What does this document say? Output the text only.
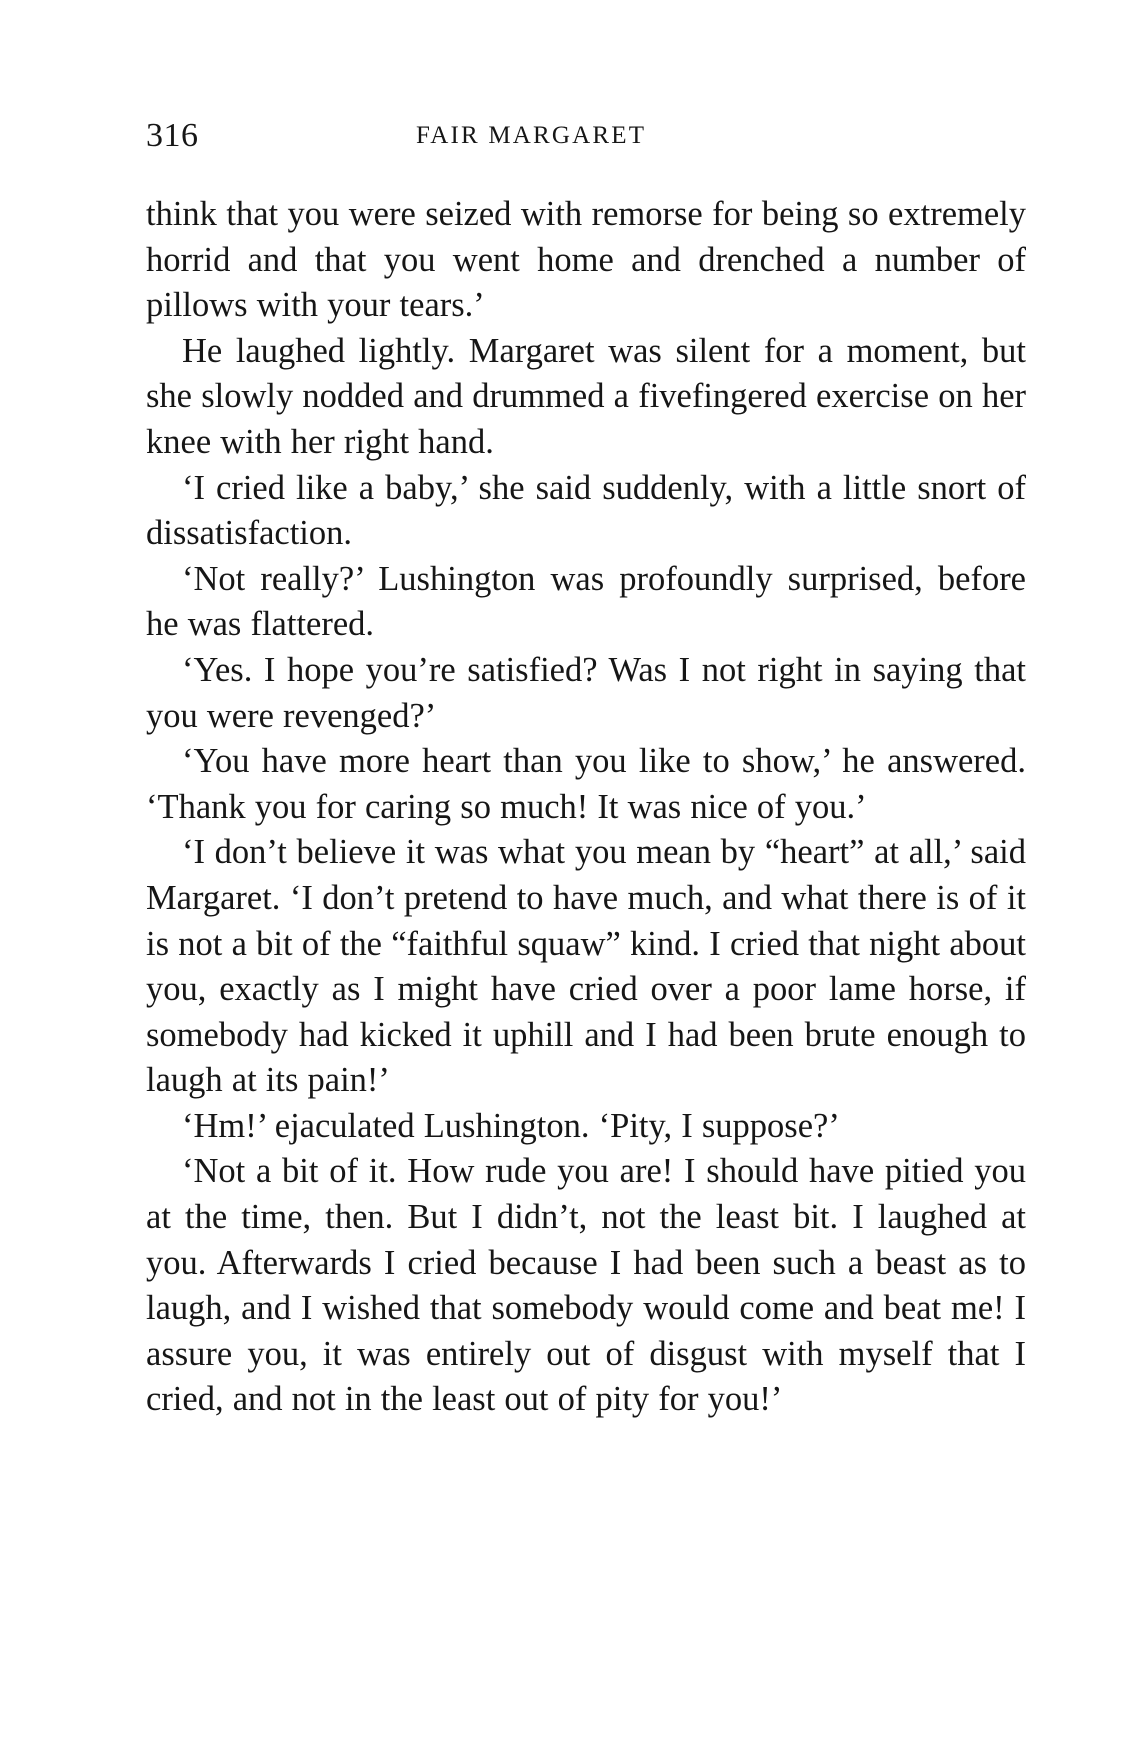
316	FAIR MARGARET

think that you were seized with remorse for being so extremely horrid and that you went home and drenched a number of pillows with your tears.’

He laughed lightly. Margaret was silent for a moment, but she slowly nodded and drummed a fivefingered exercise on her knee with her right hand.

‘I cried like a baby,’ she said suddenly, with a little snort of dissatisfaction.

‘Not really?’ Lushington was profoundly surprised, before he was flattered.

‘Yes. I hope you’re satisfied? Was I not right in saying that you were revenged?’

‘You have more heart than you like to show,’ he answered. ‘Thank you for caring so much! It was nice of you.’

‘I don’t believe it was what you mean by “heart” at all,’ said Margaret. ‘I don’t pretend to have much, and what there is of it is not a bit of the “faithful squaw” kind. I cried that night about you, exactly as I might have cried over a poor lame horse, if somebody had kicked it uphill and I had been brute enough to laugh at its pain!’

‘Hm!’ ejaculated Lushington. ‘Pity, I suppose?’

‘Not a bit of it. How rude you are! I should have pitied you at the time, then. But I didn’t, not the least bit. I laughed at you. Afterwards I cried because I had been such a beast as to laugh, and I wished that somebody would come and beat me! I assure you, it was entirely out of disgust with myself that I cried, and not in the least out of pity for you!’
